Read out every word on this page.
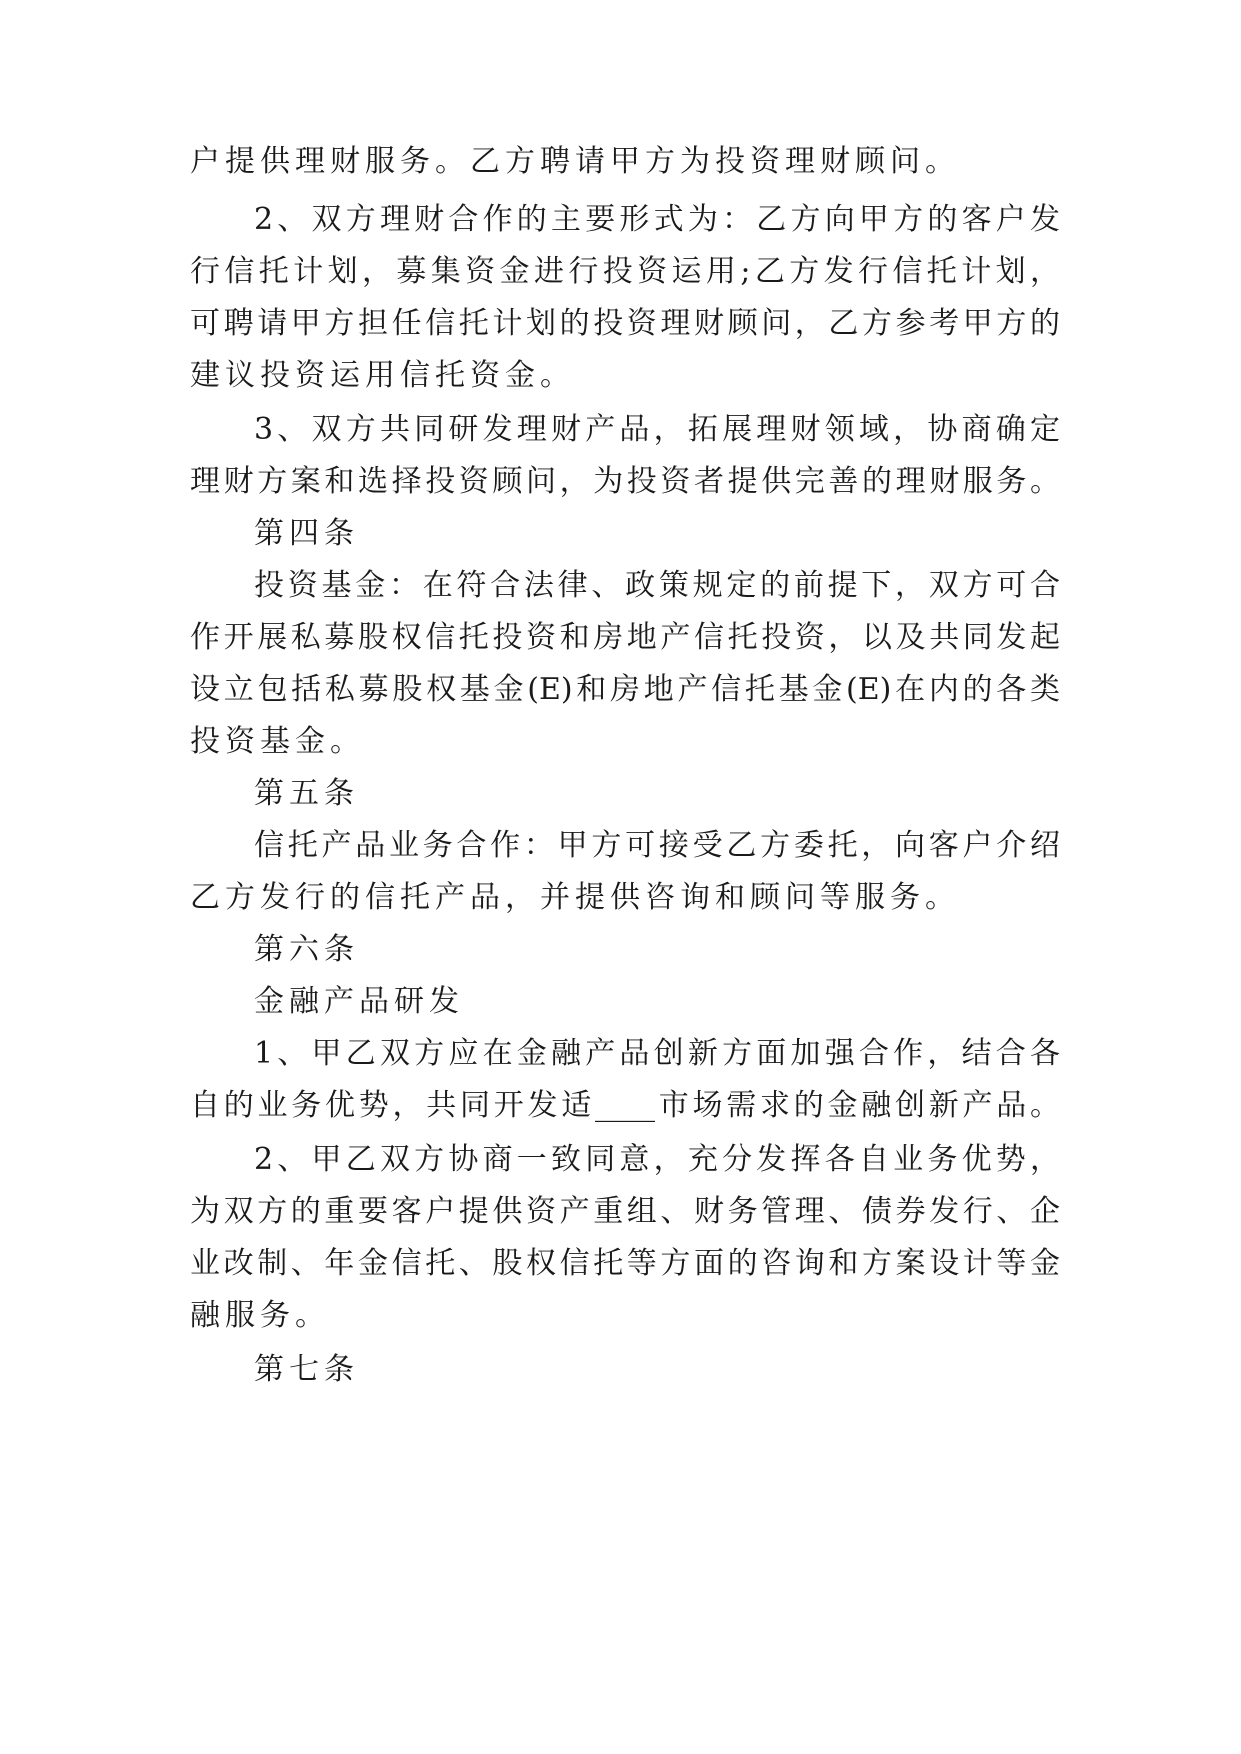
户提供理财服务。乙方聘请甲方为投资理财顾问。
2、双方理财合作的主要形式为：乙方向甲方的客户发
行信托计划，募集资金进行投资运用;乙方发行信托计划，
可聘请甲方担任信托计划的投资理财顾问，乙方参考甲方的
建议投资运用信托资金。
3、双方共同研发理财产品，拓展理财领域，协商确定
理财方案和选择投资顾问，为投资者提供完善的理财服务。
第四条
投资基金：在符合法律、政策规定的前提下，双方可合
作开展私募股权信托投资和房地产信托投资，以及共同发起
设立包括私募股权基金(E)和房地产信托基金(E)在内的各类
投资基金。
第五条
信托产品业务合作：甲方可接受乙方委托，向客户介绍
乙方发行的信托产品，并提供咨询和顾问等服务。
第六条
金融产品研发
1、甲乙双方应在金融产品创新方面加强合作，结合各
自的业务优势，共同开发适____市场需求的金融创新产品。
2、甲乙双方协商一致同意，充分发挥各自业务优势，
为双方的重要客户提供资产重组、财务管理、债券发行、企
业改制、年金信托、股权信托等方面的咨询和方案设计等金
融服务。
第七条
